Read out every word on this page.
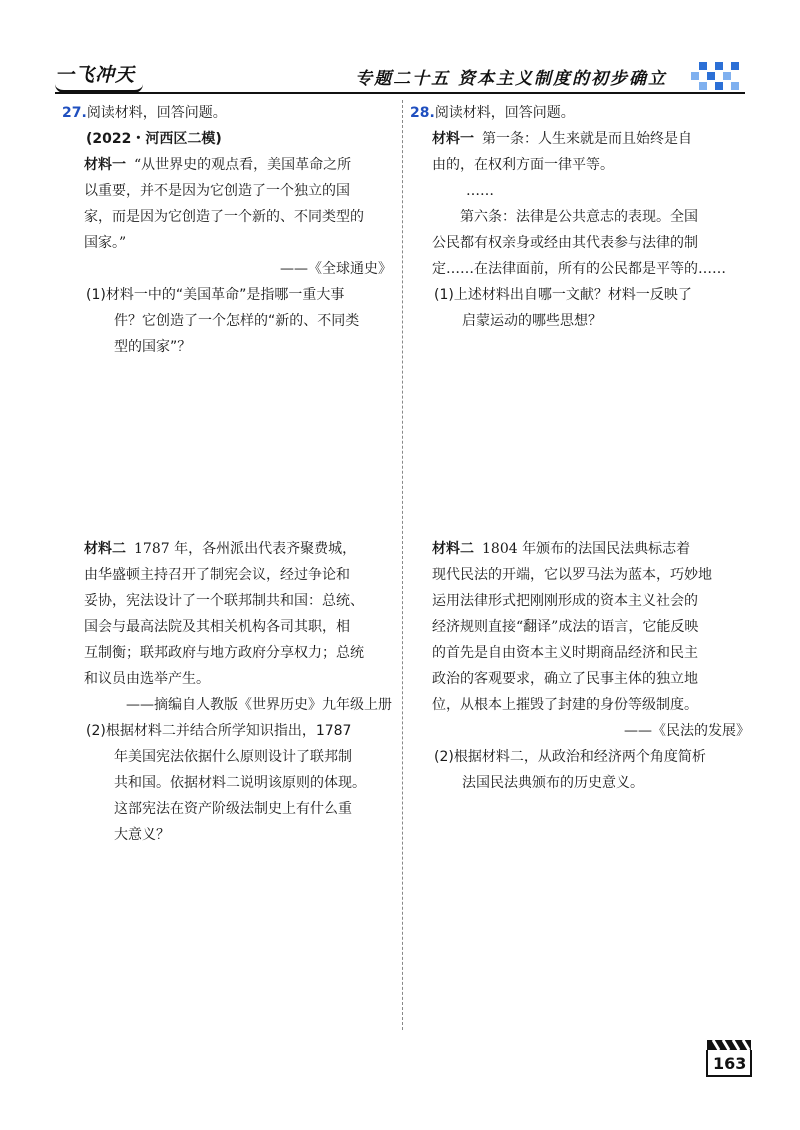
一飞冲天	专题二十五 资本主义制度的初步确立

27.阅读材料，回答问题。

(2022・河西区二模)

材料一 “从世界史的观点看，美国革命之所

以重要，并不是因为它创造了一个独立的国

家，而是因为它创造了一个新的、不同类型的

国家。”

——《全球通史》

(1)材料一中的“美国革命”是指哪一重大事

件？它创造了一个怎样的“新的、不同类

型的国家”？

材料二 1787 年，各州派出代表齐聚费城，

由华盛顿主持召开了制宪会议，经过争论和

妥协，宪法设计了一个联邦制共和国：总统、

国会与最高法院及其相关机构各司其职，相

互制衡；联邦政府与地方政府分享权力；总统

和议员由选举产生。

——摘编自人教版《世界历史》九年级上册

(2)根据材料二并结合所学知识指出，1787

年美国宪法依据什么原则设计了联邦制

共和国。依据材料二说明该原则的体现。

这部宪法在资产阶级法制史上有什么重

大意义？

28.阅读材料，回答问题。

材料一 第一条：人生来就是而且始终是自

由的，在权利方面一律平等。

……

第六条：法律是公共意志的表现。全国

公民都有权亲身或经由其代表参与法律的制

定……在法律面前，所有的公民都是平等的……

(1)上述材料出自哪一文献？材料一反映了

启蒙运动的哪些思想？

材料二 1804 年颁布的法国民法典标志着

现代民法的开端，它以罗马法为蓝本，巧妙地

运用法律形式把刚刚形成的资本主义社会的

经济规则直接“翻译”成法的语言，它能反映

的首先是自由资本主义时期商品经济和民主

政治的客观要求，确立了民事主体的独立地

位，从根本上摧毁了封建的身份等级制度。

——《民法的发展》

(2)根据材料二，从政治和经济两个角度简析

法国民法典颁布的历史意义。

163
